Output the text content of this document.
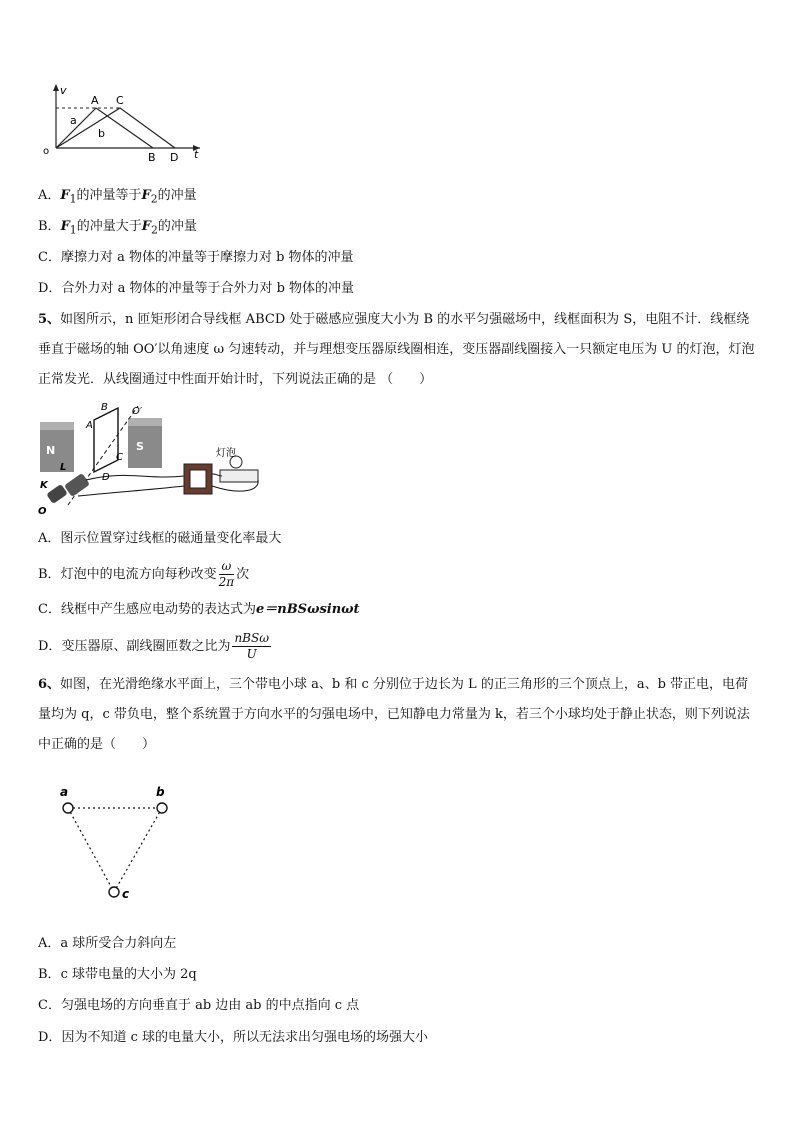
v
t
o
A C
B D
a
b
A．$F_1$的冲量等于$F_2$的冲量
B．$F_1$的冲量大于$F_2$的冲量
C．摩擦力对 a 物体的冲量等于摩擦力对 b 物体的冲量
D．合外力对 a 物体的冲量等于合外力对 b 物体的冲量
5、如图所示，n 匝矩形闭合导线框 ABCD 处于磁感应强度大小为 B 的水平匀强磁场中，线框面积为 S，电阻不计．线框绕垂直于磁场的轴 OO′以角速度 ω 匀速转动，并与理想变压器原线圈相连，变压器副线圈接入一只额定电压为 U 的灯泡，灯泡正常发光．从线圈通过中性面开始计时，下列说法正确的是 （　　）
N	S
A
B
C
D
O′
O
L
K
灯泡
A．图示位置穿过线框的磁通量变化率最大
B．灯泡中的电流方向每秒改变 $\frac{\omega}{2\pi}$ 次
C．线框中产生感应电动势的表达式为e＝nBSωsinωt
D．变压器原、副线圈匝数之比为 $\frac{\text{nBSω}}{U}$
6、如图，在光滑绝缘水平面上，三个带电小球 a、b 和 c 分别位于边长为 L 的正三角形的三个顶点上，a、b 带正电，电荷量均为 q，c 带负电，整个系统置于方向水平的匀强电场中，已知静电力常量为 k，若三个小球均处于静止状态，则下列说法中正确的是（　　）
a	b
c
A．a 球所受合力斜向左
B．c 球带电量的大小为 2q
C．匀强电场的方向垂直于 ab 边由 ab 的中点指向 c 点
D．因为不知道 c 球的电量大小，所以无法求出匀强电场的场强大小
